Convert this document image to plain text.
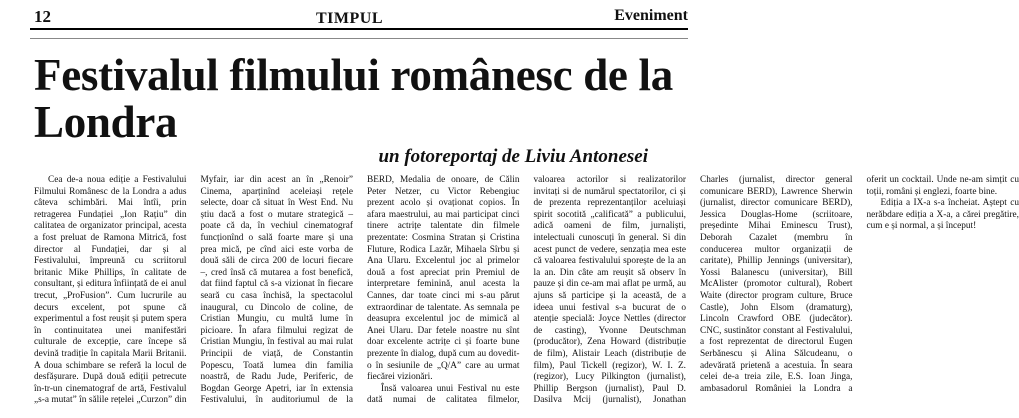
12	TIMPUL	Eveniment
Festivalul filmului românesc de la Londra
un fotoreportaj de Liviu Antonesei

Cea de-a noua ediție a Festivalului Filmului Românesc de la Londra a adus câteva schimbări. Mai întîi, prin retragerea Fundației „Ion Rațiu” din calitatea de organizator principal, acesta a fost preluat de Ramona Mitrică, fost director al Fundației, dar și al Festivalului, împreună cu scriitorul britanic Mike Phillips, în calitate de consultant, și editura înființată de ei anul trecut, „ProFusion”. Cum lucrurile au decurs excelent, pot spune că experimentul a fost reușit și putem spera în continuitatea unei manifestări culturale de excepție, care începe să devină tradiție în capitala Marii Britanii. A doua schimbare se referă la locul de desfășurare. După două ediții petrecute în-tr-un cinematograf de artă, Festivalul „s-a mutat” în sălile rețelei „Curzon” din Myfair, iar din acest an în „Renoir” Cinema, aparținînd aceleiași rețele selecte, doar că situat în West End. Nu știu dacă a fost o mutare strategică – poate că da, în vechiul cinematograf funcționînd o sală foarte mare și una prea mică, pe cînd aici este vorba de două săli de circa 200 de locuri fiecare –, cred însă că mutarea a fost benefică, dat fiind faptul că s-a vizionat în fiecare seară cu casa închisă, la spectacolul inaugural, cu Dincolo de coline, de Cristian Mungiu, cu multă lume în picioare. În afara filmului regizat de Cristian Mungiu, în festival au mai rulat Principii de viață, de Constantin Popescu, Toată lumea din familia noastră, de Radu Jude, Periferic, de Bogdan George Apetri, iar în extensia Festivalului, în auditoriumul de la BERD, Medalia de onoare, de Călin Peter Netzer, cu Victor Rebengiuc prezent acolo și ovaționat copios. În afara maestrului, au mai participat cinci tinere actrițe talentate din filmele prezentate: Cosmina Stratan și Cristina Fluture, Rodica Lazăr, Mihaela Sîrbu și Ana Ularu. Excelentul joc al primelor două a fost apreciat prin Premiul de interpretare feminină, anul acesta la Cannes, dar toate cinci mi s-au părut extraordinar de talentate. As semnala pe deasupra excelentul joc de mimică al Anei Ularu. Dar fetele noastre nu sînt doar excelente actrițe ci și foarte bune prezente în dialog, după cum au dovedit-o în sesiunile de „Q/A” care au urmat fiecărei vizionări.

Însă valoarea unui Festival nu este dată numai de calitatea filmelor, valoarea actorilor si realizatorilor invitați si de numărul spectatorilor, ci și de prezenta reprezentanților aceluiași spirit socotită „calificată” a publicului, adică oameni de film, jurnaliști, intelectuali cunoscuți în general. Si din acest punct de vedere, senzația mea este că valoarea festivalului sporește de la an la an. Din câte am reușit să observ în pauze și din ce-am mai aflat pe urmă, au ajuns să participe și la această, de a ideea unui festival s-a bucurat de o atenție specială: Joyce Nettles (director de casting), Yvonne Deutschman (producător), Zena Howard (distribuție de film), Alistair Leach (distribuție de film), Paul Tickell (regizor), W. I. Z. (regizor), Lucy Pilkington (jurnalist), Phillip Bergson (jurnalist), Paul D. Dasilva Mcij (jurnalist), Jonathan Charles (jurnalist, director general comunicare BERD), Lawrence Sherwin (jurnalist, director comunicare BERD), Jessica Douglas-Home (scriitoare, președinte Mihai Eminescu Trust), Deborah Cazalet (membru în conducerea multor organizații de caritate), Phillip Jennings (universitar), Yossi Balanescu (universitar), Bill McAlister (promotor cultural), Robert Waite (director program culture, Bruce Castle), John Elsom (dramaturg), Lincoln Crawford OBE (judecător). CNC, sustinător constant al Festivalului, a fost reprezentat de directorul Eugen Serbănescu și Alina Sălcudeanu, o adevărată prietenă a acestuia. În seara celei de-a treia zile, E.S. Ioan Jinga, ambasadorul României la Londra a oferit un cocktail. Unde ne-am simțit cu toții, români și englezi, foarte bine.

Ediția a IX-a s-a încheiat. Aștept cu nerăbdare ediția a X-a, a cărei pregătire, cum e și normal, a și început!
